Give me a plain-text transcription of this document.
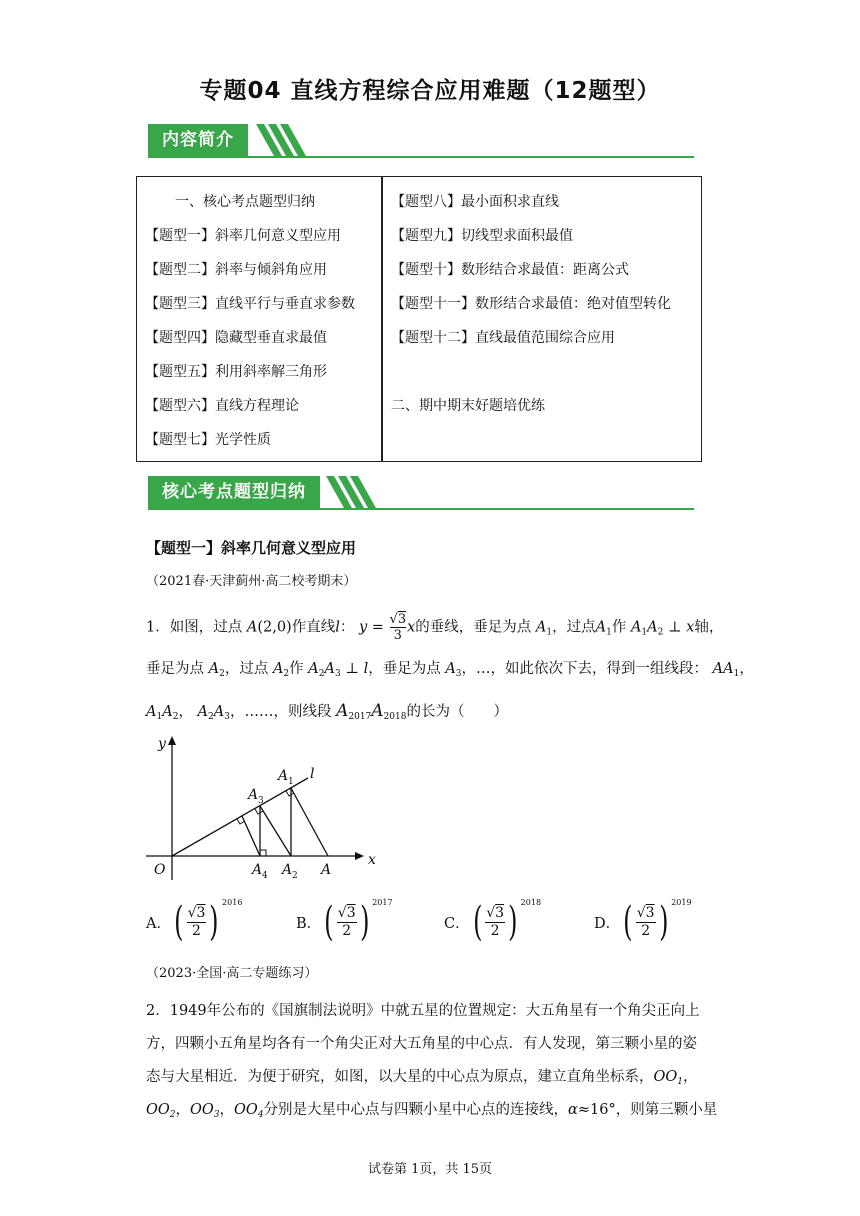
专题04 直线方程综合应用难题（12题型）
内容简介
一、核心考点题型归纳
【题型一】斜率几何意义型应用
【题型二】斜率与倾斜角应用
【题型三】直线平行与垂直求参数
【题型四】隐藏型垂直求最值
【题型五】利用斜率解三角形
【题型六】直线方程理论
【题型七】光学性质
【题型八】最小面积求直线
【题型九】切线型求面积最值
【题型十】数形结合求最值：距离公式
【题型十一】数形结合求最值：绝对值型转化
【题型十二】直线最值范围综合应用
二、期中期末好题培优练
核心考点题型归纳
【题型一】斜率几何意义型应用
（2021春·天津蓟州·高二校考期末）
1．如图，过点 A(2,0)作直线l： $y = \frac{√3}{3}$ x的垂线，垂足为点 $A_1$，过点$A_1$作 $A_1A_2$ ⊥ x轴，
垂足为点 $A_2$，过点 $A_2$作 $A_2A_3$ ⊥ l，垂足为点 $A_3$，…，如此依次下去，得到一组线段： $AA_1$，
$A_1A_2$， $A_2A_3$，……，则线段 $A_{2017}A_{2018}$的长为（　　）
y
x
O	A
l
A 1
A 2
A 3
A 4
A． ( $\frac{√3}{2}$ ) 2016
B． ( $\frac{√3}{2}$ ) 2017
C． ( $\frac{√3}{2}$ ) 2018
D． ( $\frac{√3}{2}$ ) 2019
（2023·全国·高二专题练习）
2．1949年公布的《国旗制法说明》中就五星的位置规定：大五角星有一个角尖正向上
方，四颗小五角星均各有一个角尖正对大五角星的中心点．有人发现，第三颗小星的姿
态与大星相近．为便于研究，如图，以大星的中心点为原点，建立直角坐标系，$OO_1$，
$OO_2$，$OO_3$，$OO_4$分别是大星中心点与四颗小星中心点的连接线，α≈16°，则第三颗小星
试卷第 1页，共 15页
